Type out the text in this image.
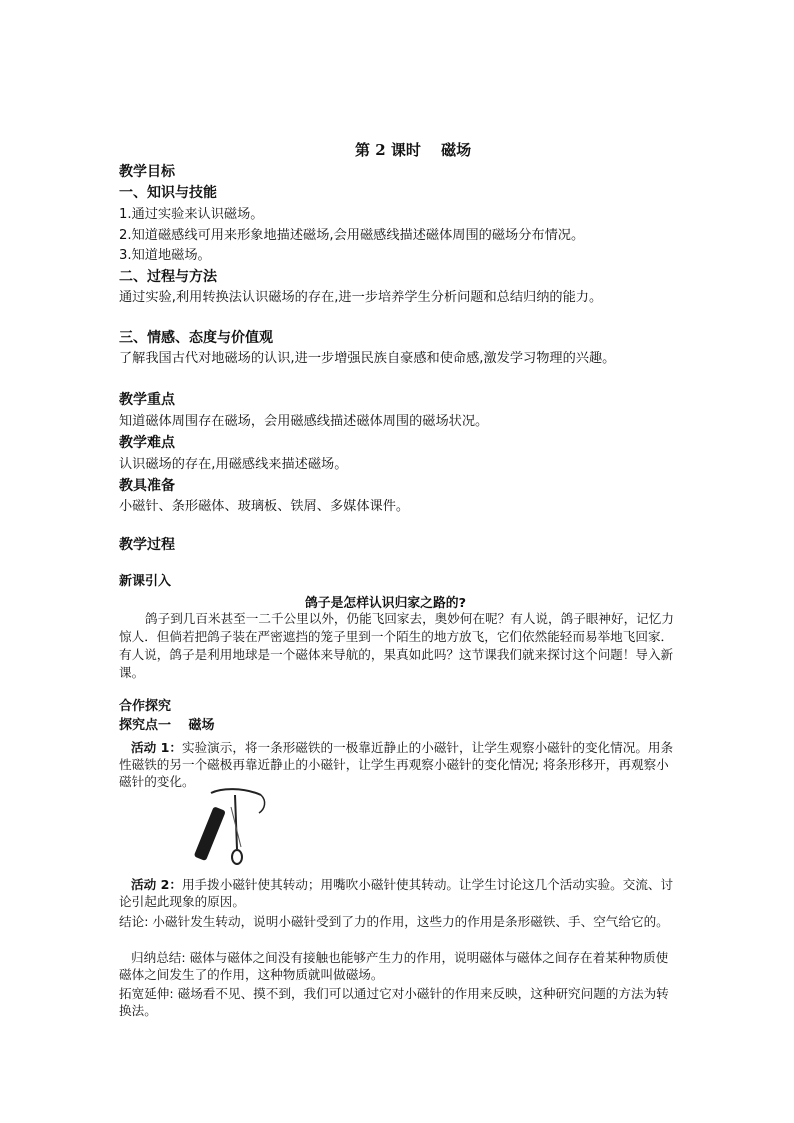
第 2 课时　 磁场
教学目标
一、知识与技能
1.通过实验来认识磁场。
2.知道磁感线可用来形象地描述磁场,会用磁感线描述磁体周围的磁场分布情况。
3.知道地磁场。
二、过程与方法
通过实验,利用转换法认识磁场的存在,进一步培养学生分析问题和总结归纳的能力。
三、情感、态度与价值观
了解我国古代对地磁场的认识,进一步增强民族自豪感和使命感,激发学习物理的兴趣。
教学重点
知道磁体周围存在磁场，会用磁感线描述磁体周围的磁场状况。
教学难点
认识磁场的存在,用磁感线来描述磁场。
教具准备
小磁针、条形磁体、玻璃板、铁屑、多媒体课件。
教学过程
新课引入
鸽子是怎样认识归家之路的?
鸽子到几百米甚至一二千公里以外，仍能飞回家去，奥妙何在呢？有人说，鸽子眼神好，记忆力惊人．但倘若把鸽子装在严密遮挡的笼子里到一个陌生的地方放飞，它们依然能轻而易举地飞回家．有人说，鸽子是利用地球是一个磁体来导航的，果真如此吗？这节课我们就来探讨这个问题！导入新课。
合作探究
探究点一　 磁场
活动 1：实验演示，将一条形磁铁的一极靠近静止的小磁针，让学生观察小磁针的变化情况。用条性磁铁的另一个磁极再靠近静止的小磁针，让学生再观察小磁针的变化情况; 将条形移开，再观察小磁针的变化。
活动 2：用手拨小磁针使其转动；用嘴吹小磁针使其转动。让学生讨论这几个活动实验。交流、讨论引起此现象的原因。
结论: 小磁针发生转动，说明小磁针受到了力的作用，这些力的作用是条形磁铁、手、空气给它的。
归纳总结: 磁体与磁体之间没有接触也能够产生力的作用，说明磁体与磁体之间存在着某种物质使磁体之间发生了的作用，这种物质就叫做磁场。
拓宽延伸: 磁场看不见、摸不到，我们可以通过它对小磁针的作用来反映，这种研究问题的方法为转换法。
